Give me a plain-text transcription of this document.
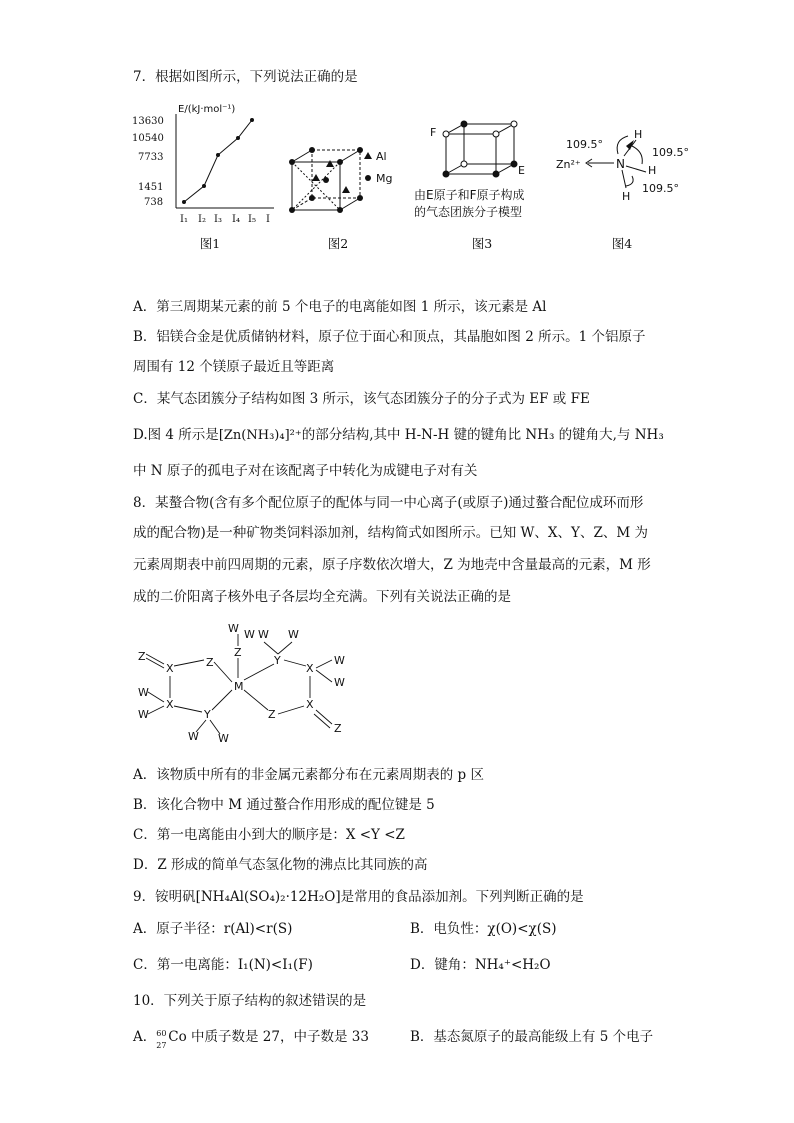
7．根据如图所示，下列说法正确的是
E/(kJ·mol⁻¹)
13630
10540
7733
1451
738
I₁ I₂ I₃ I₄ I₅ I
图1
Al
Mg
图2
F
E
由E原子和F原子构成
的气态团族分子模型
图3
109.5°
109.5°
109.5°
Zn²⁺	N
H
H
H
图4
A．第三周期某元素的前 5 个电子的电离能如图 1 所示，该元素是 Al
B．铝镁合金是优质储钠材料，原子位于面心和顶点，其晶胞如图 2 所示。1 个铝原子
周围有 12 个镁原子最近且等距离
C．某气态团簇分子结构如图 3 所示，该气态团簇分子的分子式为 EF 或 FE
D.图 4 所示是[Zn(NH₃)₄]²⁺的部分结构,其中 H-N-H 键的键角比 NH₃ 的键角大,与 NH₃
中 N 原子的孤电子对在该配离子中转化为成键电子对有关
8．某螯合物(含有多个配位原子的配体与同一中心离子(或原子)通过螯合配位成环而形
成的配合物)是一种矿物类饲料添加剂，结构简式如图所示。已知 W、X、Y、Z、M 为
元素周期表中前四周期的元素，原子序数依次增大，Z 为地壳中含量最高的元素，M 形
成的二价阳离子核外电子各层均全充满。下列有关说法正确的是
W W W W
Z
Y
Z
X	Z
M
X
W
W
W
X
W	Y	Z
X
Z
W W
A．该物质中所有的非金属元素都分布在元素周期表的 p 区
B．该化合物中 M 通过螯合作用形成的配位键是 5
C．第一电离能由小到大的顺序是：X <Y <Z
D．Z 形成的简单气态氢化物的沸点比其同族的高
9．铵明矾[NH₄Al(SO₄)₂·12H₂O]是常用的食品添加剂。下列判断正确的是
A．原子半径：r(Al)<r(S)	B．电负性：χ(O)<χ(S)
C．第一电离能：I₁(N)<I₁(F)	D．键角：NH₄⁺<H₂O
10．下列关于原子结构的叙述错误的是
A． 60
27
Co 中质子数是 27，中子数是 33	B．基态氮原子的最高能级上有 5 个电子
